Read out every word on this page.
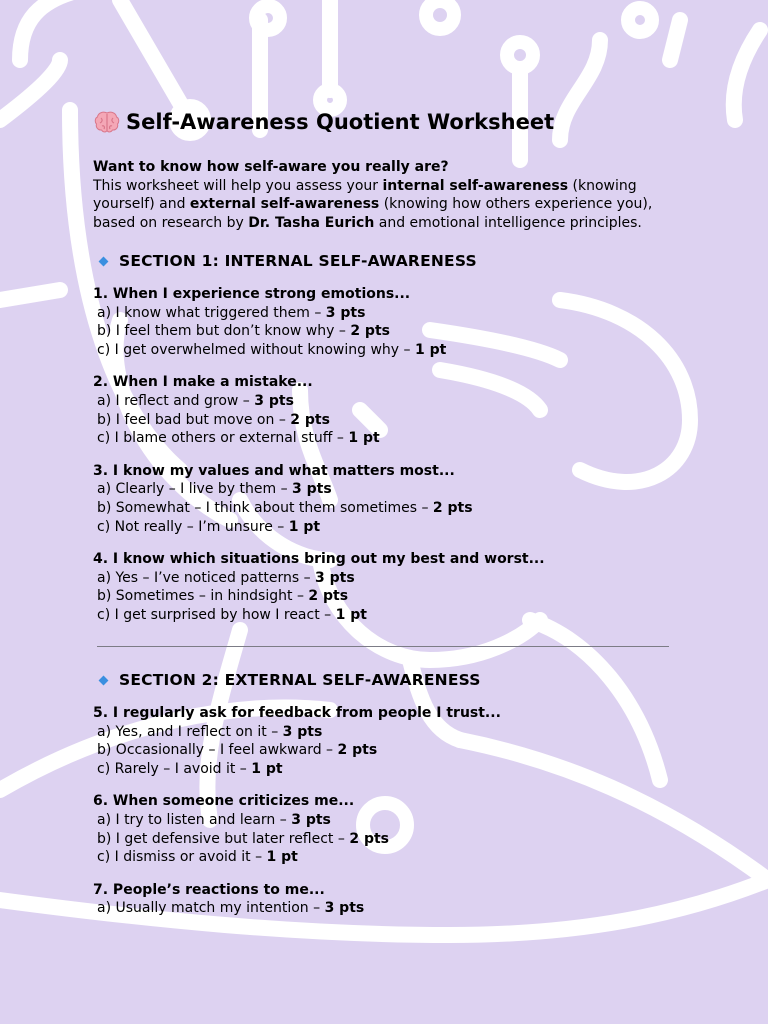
Self-Awareness Quotient Worksheet
Want to know how self-aware you really are?
This worksheet will help you assess your internal self-awareness (knowing yourself) and external self-awareness (knowing how others experience you), based on research by Dr. Tasha Eurich and emotional intelligence principles.
SECTION 1: INTERNAL SELF-AWARENESS
1. When I experience strong emotions...
a) I know what triggered them – 3 pts
b) I feel them but don’t know why – 2 pts
c) I get overwhelmed without knowing why – 1 pt
2. When I make a mistake...
a) I reflect and grow – 3 pts
b) I feel bad but move on – 2 pts
c) I blame others or external stuff – 1 pt
3. I know my values and what matters most...
a) Clearly – I live by them – 3 pts
b) Somewhat – I think about them sometimes – 2 pts
c) Not really – I’m unsure – 1 pt
4. I know which situations bring out my best and worst...
a) Yes – I’ve noticed patterns – 3 pts
b) Sometimes – in hindsight – 2 pts
c) I get surprised by how I react – 1 pt
SECTION 2: EXTERNAL SELF-AWARENESS
5. I regularly ask for feedback from people I trust...
a) Yes, and I reflect on it – 3 pts
b) Occasionally – I feel awkward – 2 pts
c) Rarely – I avoid it – 1 pt
6. When someone criticizes me...
a) I try to listen and learn – 3 pts
b) I get defensive but later reflect – 2 pts
c) I dismiss or avoid it – 1 pt
7. People’s reactions to me...
a) Usually match my intention – 3 pts
